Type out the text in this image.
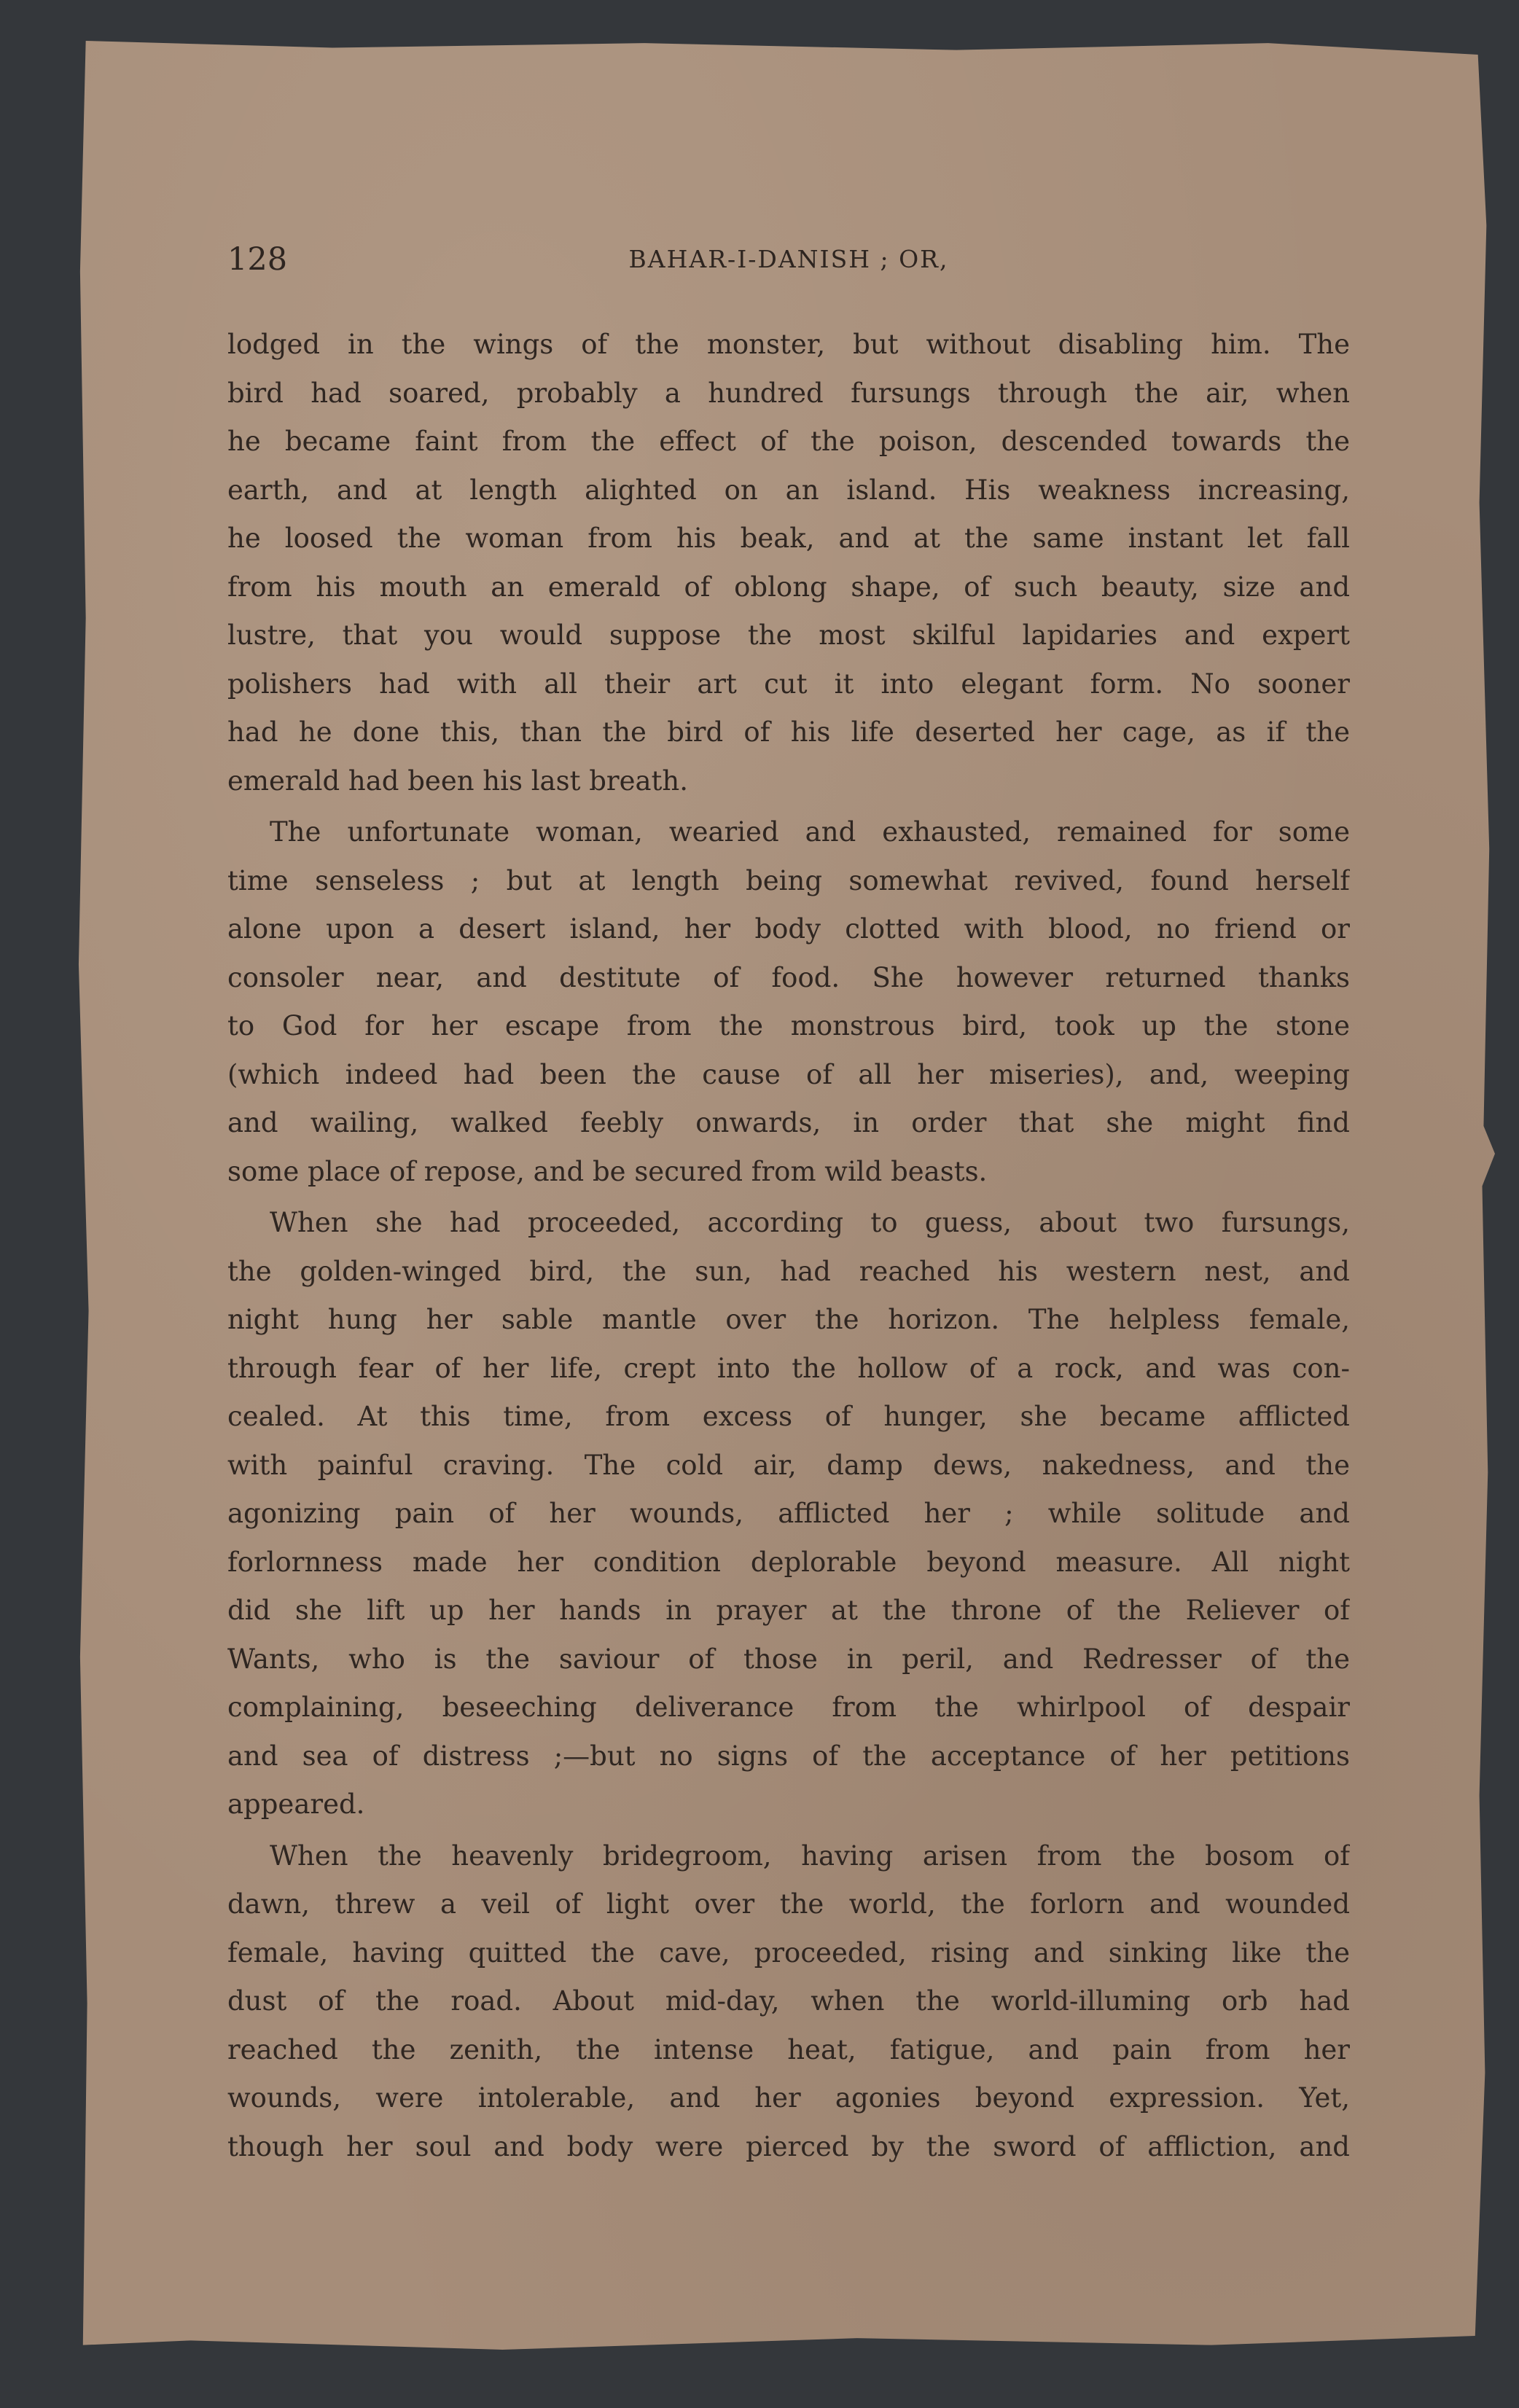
128	BAHAR-I-DANISH ; OR,
lodged in the wings of the monster, but without disabling him. The
bird had soared, probably a hundred fursungs through the air, when
he became faint from the effect of the poison, descended towards the
earth, and at length alighted on an island. His weakness increasing,
he loosed the woman from his beak, and at the same instant let fall
from his mouth an emerald of oblong shape, of such beauty, size and
lustre, that you would suppose the most skilful lapidaries and expert
polishers had with all their art cut it into elegant form. No sooner
had he done this, than the bird of his life deserted her cage, as if the
emerald had been his last breath.
The unfortunate woman, wearied and exhausted, remained for some
time senseless ; but at length being somewhat revived, found herself
alone upon a desert island, her body clotted with blood, no friend or
consoler near, and destitute of food. She however returned thanks
to God for her escape from the monstrous bird, took up the stone
(which indeed had been the cause of all her miseries), and, weeping
and wailing, walked feebly onwards, in order that she might find
some place of repose, and be secured from wild beasts.
When she had proceeded, according to guess, about two fursungs,
the golden-winged bird, the sun, had reached his western nest, and
night hung her sable mantle over the horizon. The helpless female,
through fear of her life, crept into the hollow of a rock, and was con-
cealed. At this time, from excess of hunger, she became afflicted
with painful craving. The cold air, damp dews, nakedness, and the
agonizing pain of her wounds, afflicted her ; while solitude and
forlornness made her condition deplorable beyond measure. All night
did she lift up her hands in prayer at the throne of the Reliever of
Wants, who is the saviour of those in peril, and Redresser of the
complaining, beseeching deliverance from the whirlpool of despair
and sea of distress ;—but no signs of the acceptance of her petitions
appeared.
When the heavenly bridegroom, having arisen from the bosom of
dawn, threw a veil of light over the world, the forlorn and wounded
female, having quitted the cave, proceeded, rising and sinking like the
dust of the road. About mid-day, when the world-illuming orb had
reached the zenith, the intense heat, fatigue, and pain from her
wounds, were intolerable, and her agonies beyond expression. Yet,
though her soul and body were pierced by the sword of affliction, and
